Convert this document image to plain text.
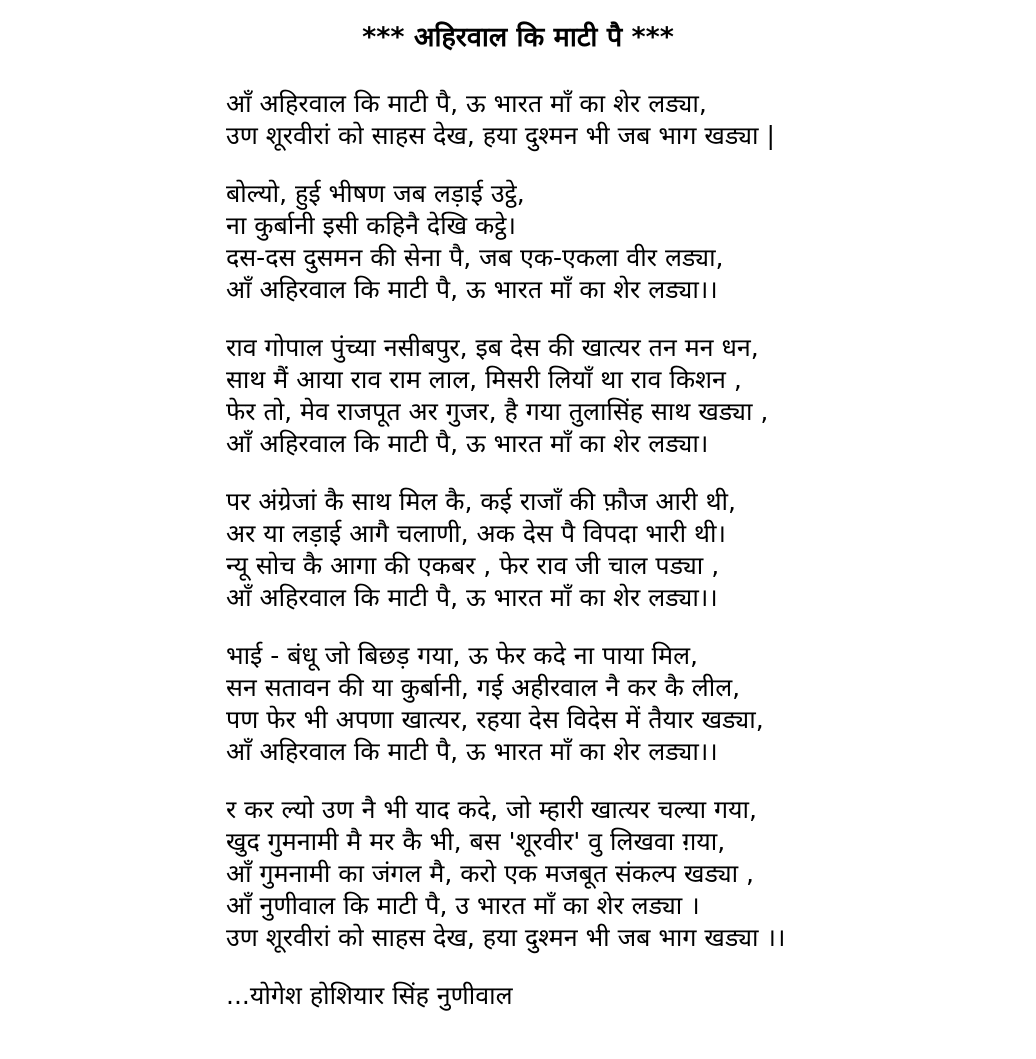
*** अहिरवाल कि माटी पै ***
आँ अहिरवाल कि माटी पै, ऊ भारत माँ का शेर लड्या,
उण शूरवीरां को साहस देख, हया दुश्मन भी जब भाग खड्या |
बोल्यो, हुई भीषण जब लड़ाई उट्ठे,
ना कुर्बानी इसी कहिनै देखि कट्ठे।
दस-दस दुसमन की सेना पै, जब एक-एकला वीर लड्या,
आँ अहिरवाल कि माटी पै, ऊ भारत माँ का शेर लड्या।।
राव गोपाल पुंच्या नसीबपुर, इब देस की खात्यर तन मन धन,
साथ मैं आया राव राम लाल, मिसरी लियाँ था राव किशन ,
फेर तो, मेव राजपूत अर गुजर, है गया तुलासिंह साथ खड्या ,
आँ अहिरवाल कि माटी पै, ऊ भारत माँ का शेर लड्या।
पर अंग्रेजां कै साथ मिल कै, कई राजाँ की फ़ौज आरी थी,
अर या लड़ाई आगै चलाणी, अक देस पै विपदा भारी थी।
न्यू सोच कै आगा की एकबर , फेर राव जी चाल पड्या ,
आँ अहिरवाल कि माटी पै, ऊ भारत माँ का शेर लड्या।।
भाई - बंधू जो बिछड़ गया, ऊ फेर कदे ना पाया मिल,
सन सतावन की या कुर्बानी, गई अहीरवाल नै कर कै लील,
पण फेर भी अपणा खात्यर, रहया देस विदेस में तैयार खड्या,
आँ अहिरवाल कि माटी पै, ऊ भारत माँ का शेर लड्या।।
र कर ल्यो उण नै भी याद कदे, जो म्हारी खात्यर चल्या गया,
खुद गुमनामी मै मर कै भी, बस 'शूरवीर' वु लिखवा ग़या,
आँ गुमनामी का जंगल मै, करो एक मजबूत संकल्प खड्या ,
आँ नुणीवाल कि माटी पै, उ भारत माँ का शेर लड्या ।
उण शूरवीरां को साहस देख, हया दुश्मन भी जब भाग खड्या ।।
...योगेश होशियार सिंह नुणीवाल
